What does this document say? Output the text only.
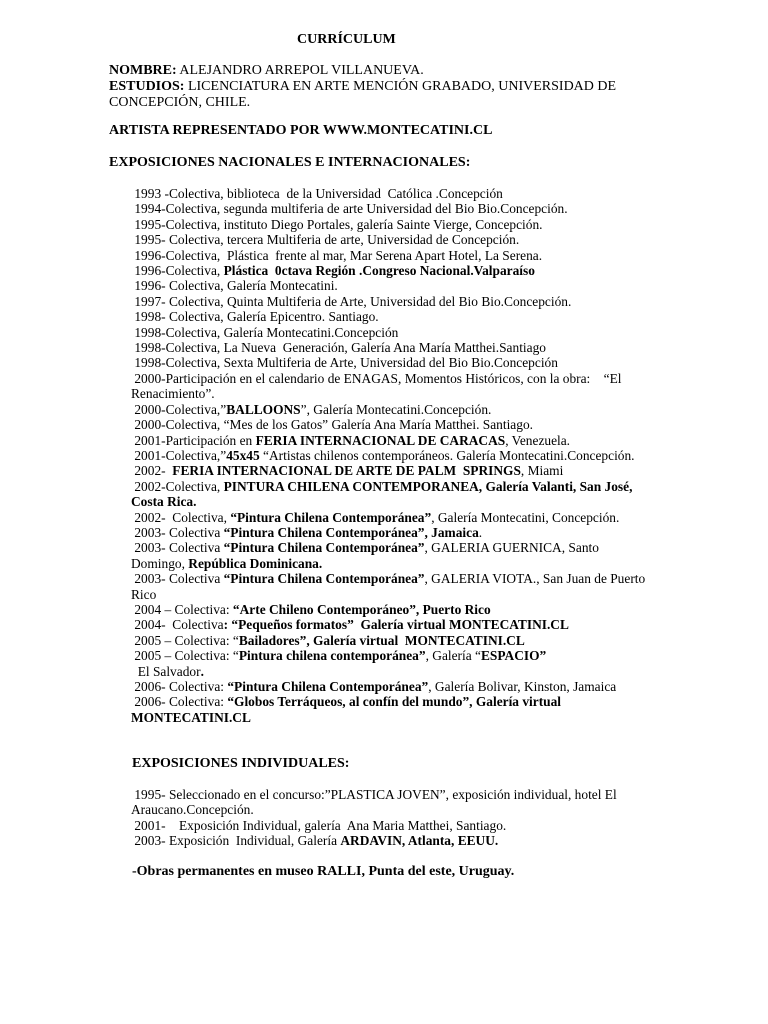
CURRÍCULUM
NOMBRE: ALEJANDRO ARREPOL VILLANUEVA.
ESTUDIOS: LICENCIATURA EN ARTE MENCIÓN GRABADO, UNIVERSIDAD DE CONCEPCIÓN, CHILE.
ARTISTA REPRESENTADO POR WWW.MONTECATINI.CL
EXPOSICIONES NACIONALES E INTERNACIONALES:
1993 -Colectiva, biblioteca  de la Universidad  Católica .Concepción
1994-Colectiva, segunda multiferia de arte Universidad del Bio Bio.Concepción.
1995-Colectiva, instituto Diego Portales, galería Sainte Vierge, Concepción.
1995- Colectiva, tercera Multiferia de arte, Universidad de Concepción.
1996-Colectiva,  Plástica  frente al mar, Mar Serena Apart Hotel, La Serena.
1996-Colectiva, Plástica  0ctava Región .Congreso Nacional.Valparaíso
1996- Colectiva, Galería Montecatini.
1997- Colectiva, Quinta Multiferia de Arte, Universidad del Bio Bio.Concepción.
1998- Colectiva, Galería Epicentro. Santiago.
1998-Colectiva, Galería Montecatini.Concepción
1998-Colectiva, La Nueva  Generación, Galería Ana María Matthei.Santiago
1998-Colectiva, Sexta Multiferia de Arte, Universidad del Bio Bio.Concepción
2000-Participación en el calendario de ENAGAS, Momentos Históricos, con la obra:    “El Renacimiento”.
2000-Colectiva,”BALLOONS”, Galería Montecatini.Concepción.
2000-Colectiva, “Mes de los Gatos” Galería Ana María Matthei. Santiago.
2001-Participación en FERIA INTERNACIONAL DE CARACAS, Venezuela.
2001-Colectiva,”45x45 “Artistas chilenos contemporáneos. Galería Montecatini.Concepción.
2002-  FERIA INTERNACIONAL DE ARTE DE PALM  SPRINGS, Miami
2002-Colectiva, PINTURA CHILENA CONTEMPORANEA, Galería Valanti, San José, Costa Rica.
2002-  Colectiva, “Pintura Chilena Contemporánea”, Galería Montecatini, Concepción.
2003- Colectiva “Pintura Chilena Contemporánea”, Jamaica.
2003- Colectiva “Pintura Chilena Contemporánea”, GALERIA GUERNICA, Santo Domingo, República Dominicana.
2003- Colectiva “Pintura Chilena Contemporánea”, GALERIA VIOTA., San Juan de Puerto Rico
2004 – Colectiva: “Arte Chileno Contemporáneo”, Puerto Rico
2004-  Colectiva: “Pequeños formatos”  Galería virtual MONTECATINI.CL
2005 – Colectiva: “Bailadores”, Galería virtual  MONTECATINI.CL
2005 – Colectiva: “Pintura chilena contemporánea”, Galería “ESPACIO”
El Salvador.
2006- Colectiva: “Pintura Chilena Contemporánea”, Galería Bolivar, Kinston, Jamaica
2006- Colectiva: “Globos Terráqueos, al confín del mundo”, Galería virtual MONTECATINI.CL
EXPOSICIONES INDIVIDUALES:
1995- Seleccionado en el concurso:”PLASTICA JOVEN”, exposición individual, hotel El Araucano.Concepción.
2001-    Exposición Individual, galería  Ana Maria Matthei, Santiago.
2003- Exposición  Individual, Galería ARDAVIN, Atlanta, EEUU.
-Obras permanentes en museo RALLI, Punta del este, Uruguay.
